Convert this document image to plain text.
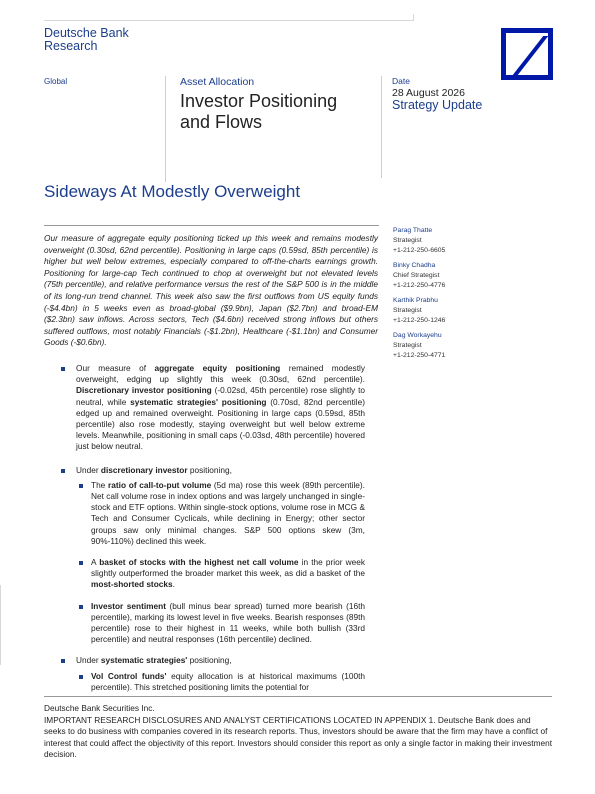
Deutsche Bank
Research
Global	Asset Allocation
Investor Positioning
and Flows
Date
28 August 2026
Strategy Update
Sideways At Modestly Overweight
Our measure of aggregate equity positioning ticked up this week and remains modestly overweight (0.30sd, 62nd percentile). Positioning in large caps (0.59sd, 85th percentile) is higher but well below extremes, especially compared to off-the-charts earnings growth. Positioning for large-cap Tech continued to chop at overweight but not elevated levels (75th percentile), and relative performance versus the rest of the S&P 500 is in the middle of its long-run trend channel. This week also saw the first outflows from US equity funds (-$4.4bn) in 5 weeks even as broad-global ($9.9bn), Japan ($2.7bn) and broad-EM ($2.3bn) saw inflows. Across sectors, Tech ($4.6bn) received strong inflows but others suffered outflows, most notably Financials (-$1.2bn), Healthcare (-$1.1bn) and Consumer Goods (-$0.6bn).
Parag Thatte
Strategist
+1-212-250-6605
Binky Chadha
Chief Strategist
+1-212-250-4776
Karthik Prabhu
Strategist
+1-212-250-1246
Dag Workayehu
Strategist
+1-212-250-4771
Our measure of aggregate equity positioning remained modestly overweight, edging up slightly this week (0.30sd, 62nd percentile). Discretionary investor positioning (-0.02sd, 45th percentile) rose slightly to neutral, while systematic strategies' positioning (0.70sd, 82nd percentile) edged up and remained overweight. Positioning in large caps (0.59sd, 85th percentile) also rose modestly, staying overweight but well below extreme levels. Meanwhile, positioning in small caps (-0.03sd, 48th percentile) hovered just below neutral.
Under discretionary investor positioning,
The ratio of call-to-put volume (5d ma) rose this week (89th percentile). Net call volume rose in index options and was largely unchanged in single-stock and ETF options. Within single-stock options, volume rose in MCG & Tech and Consumer Cyclicals, while declining in Energy; other sector groups saw only minimal changes. S&P 500 options skew (3m, 90%-110%) declined this week.
A basket of stocks with the highest net call volume in the prior week slightly outperformed the broader market this week, as did a basket of the most-shorted stocks.
Investor sentiment (bull minus bear spread) turned more bearish (16th percentile), marking its lowest level in five weeks. Bearish responses (89th percentile) rose to their highest in 11 weeks, while both bullish (33rd percentile) and neutral responses (16th percentile) declined.
Under systematic strategies' positioning,
Vol Control funds' equity allocation is at historical maximums (100th percentile). This stretched positioning limits the potential for
Deutsche Bank Securities Inc.
IMPORTANT RESEARCH DISCLOSURES AND ANALYST CERTIFICATIONS LOCATED IN APPENDIX 1. Deutsche Bank does and seeks to do business with companies covered in its research reports. Thus, investors should be aware that the firm may have a conflict of interest that could affect the objectivity of this report. Investors should consider this report as only a single factor in making their investment decision.
